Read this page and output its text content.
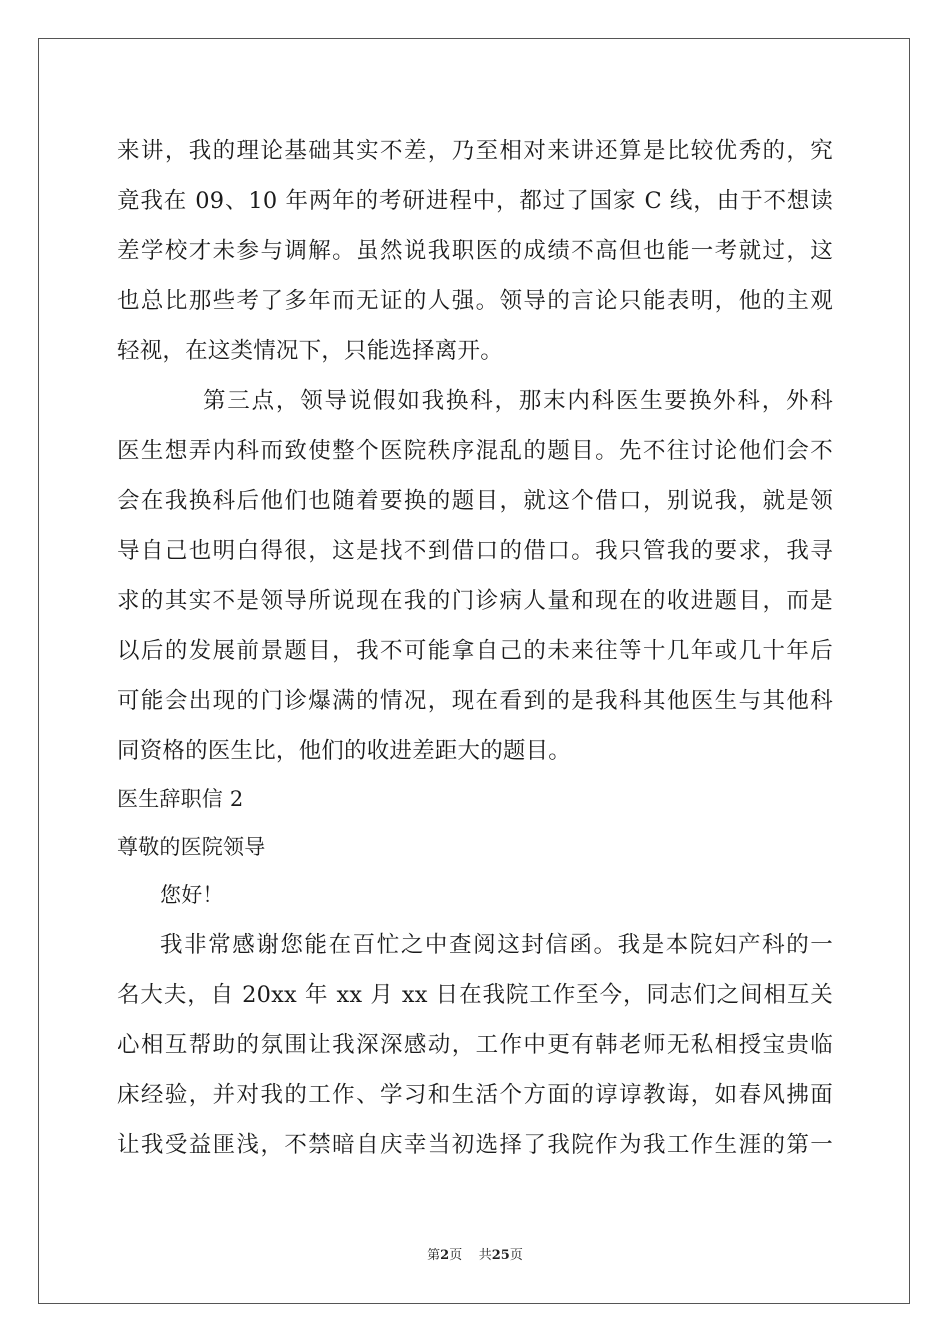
来讲，我的理论基础其实不差，乃至相对来讲还算是比较优秀的，究
竟我在 09、10 年两年的考研进程中，都过了国家 C 线，由于不想读
差学校才未参与调解。虽然说我职医的成绩不高但也能一考就过，这
也总比那些考了多年而无证的人强。领导的言论只能表明，他的主观
轻视，在这类情况下，只能选择离开。
第三点，领导说假如我换科，那末内科医生要换外科，外科
医生想弄内科而致使整个医院秩序混乱的题目。先不往讨论他们会不
会在我换科后他们也随着要换的题目，就这个借口，别说我，就是领
导自己也明白得很，这是找不到借口的借口。我只管我的要求，我寻
求的其实不是领导所说现在我的门诊病人量和现在的收进题目，而是
以后的发展前景题目，我不可能拿自己的未来往等十几年或几十年后
可能会出现的门诊爆满的情况，现在看到的是我科其他医生与其他科
同资格的医生比，他们的收进差距大的题目。
医生辞职信 2
尊敬的医院领导
您好！
我非常感谢您能在百忙之中查阅这封信函。我是本院妇产科的一
名大夫，自 20xx 年 xx 月 xx 日在我院工作至今，同志们之间相互关
心相互帮助的氛围让我深深感动，工作中更有韩老师无私相授宝贵临
床经验，并对我的工作、学习和生活个方面的谆谆教诲，如春风拂面
让我受益匪浅，不禁暗自庆幸当初选择了我院作为我工作生涯的第一
第2页 共25页
